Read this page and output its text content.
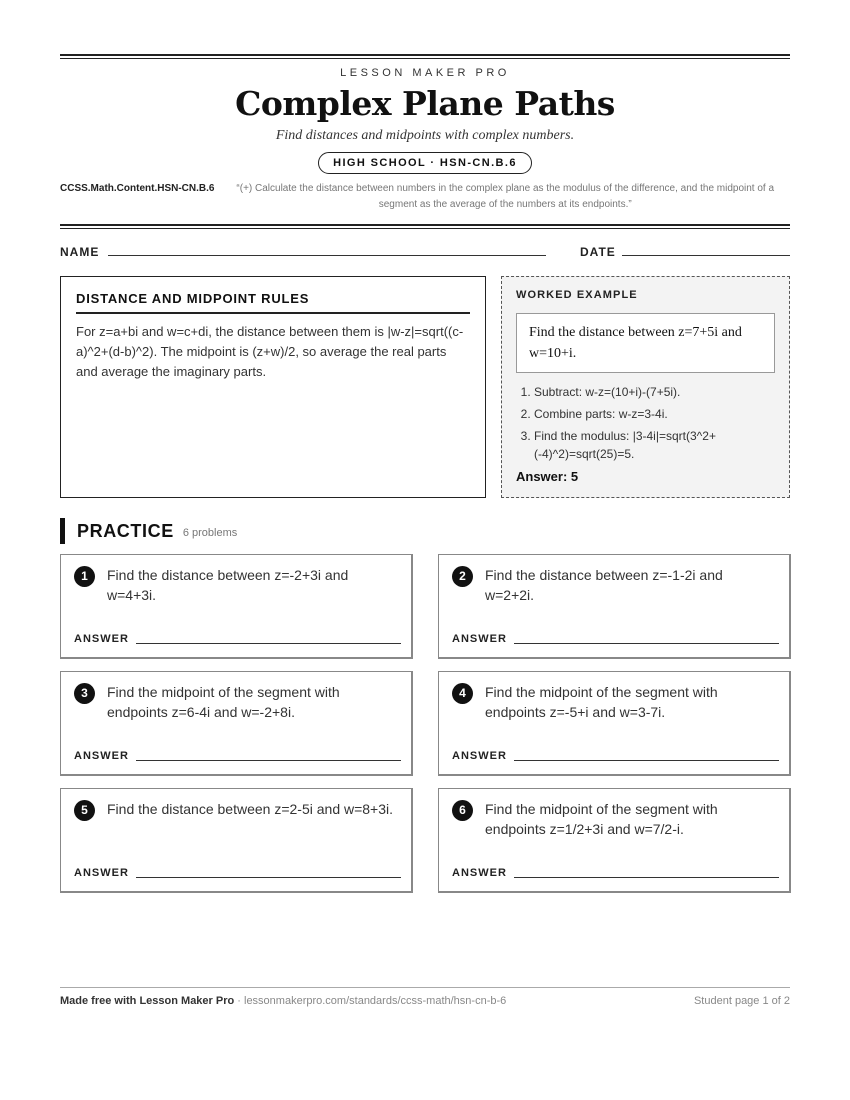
LESSON MAKER PRO
Complex Plane Paths
Find distances and midpoints with complex numbers.
HIGH SCHOOL · HSN-CN.B.6
CCSS.Math.Content.HSN-CN.B.6	“(+) Calculate the distance between numbers in the complex plane as the modulus of the difference, and the midpoint of a segment as the average of the numbers at its endpoints.”
NAME	DATE
DISTANCE AND MIDPOINT RULES
For z=a+bi and w=c+di, the distance between them is |w-z|=sqrt((c-a)^2+(d-b)^2). The midpoint is (z+w)/2, so average the real parts and average the imaginary parts.
WORKED EXAMPLE
Find the distance between z=7+5i and w=10+i.
1. Subtract: w-z=(10+i)-(7+5i).
2. Combine parts: w-z=3-4i.
3. Find the modulus: |3-4i|=sqrt(3^2+(-4)^2)=sqrt(25)=5.
Answer: 5
PRACTICE 6 problems
1	Find the distance between z=-2+3i and w=4+3i.
ANSWER
2	Find the distance between z=-1-2i and w=2+2i.
ANSWER
3	Find the midpoint of the segment with endpoints z=6-4i and w=-2+8i.
ANSWER
4	Find the midpoint of the segment with endpoints z=-5+i and w=3-7i.
ANSWER
5	Find the distance between z=2-5i and w=8+3i.
ANSWER
6	Find the midpoint of the segment with endpoints z=1/2+3i and w=7/2-i.
ANSWER
Made free with Lesson Maker Pro · lessonmakerpro.com/standards/ccss-math/hsn-cn-b-6	Student page 1 of 2
